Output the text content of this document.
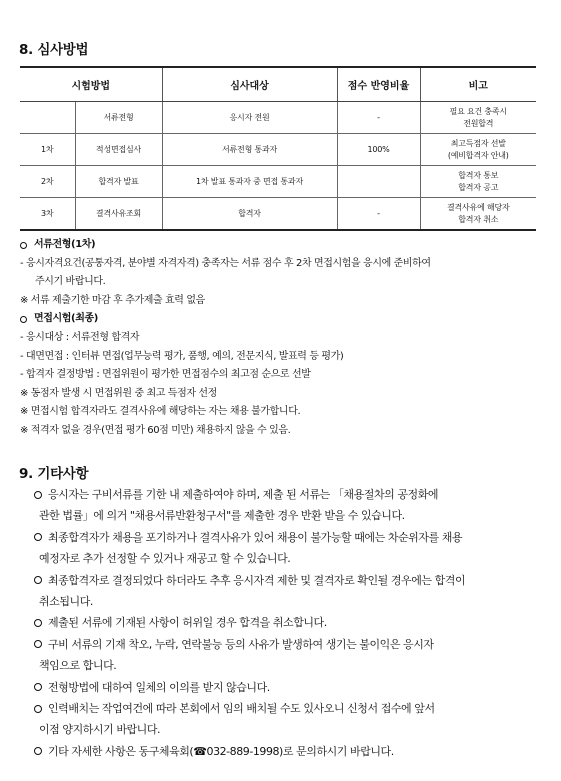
8. 심사방법
시험방법		심사대상	점수 반영비율	비고
	서류전형	응시자 전원	-	필요 요건 충족시
전원합격
1차	적성면접심사	서류전형 통과자	100%	최고득점자 선발
(예비합격자 안내)
2차	합격자 발표	1차 발표 통과자 중 면접 통과자		합격자 통보
합격자 공고
3차	결격사유조회	합격자	-	결격사유에 해당자
합격자 취소
서류전형(1차)
- 응시자격요건(공통자격, 분야별 자격자격) 충족자는 서류 점수 후 2차 면접시험을 응시에 준비하여
주시기 바랍니다.
※ 서류 제출기한 마감 후 추가제출 효력 없음
면접시험(최종)
- 응시대상 : 서류전형 합격자
- 대면면접 : 인터뷰 면접(업무능력 평가, 품행, 예의, 전문지식, 발표력 등 평가)
- 합격자 결정방법 : 면접위원이 평가한 면접점수의 최고점 순으로 선발
※ 동점자 발생 시 면접위원 중 최고 득점자 선정
※ 면접시험 합격자라도 결격사유에 해당하는 자는 채용 불가합니다.
※ 적격자 없을 경우(면접 평가 60점 미만) 채용하지 않을 수 있음.
9. 기타사항
응시자는 구비서류를 기한 내 제출하여야 하며, 제출 된 서류는 「채용절차의 공정화에
관한 법률」에 의거 "채용서류반환청구서"를 제출한 경우 반환 받을 수 있습니다.
최종합격자가 채용을 포기하거나 결격사유가 있어 채용이 불가능할 때에는 차순위자를 채용
예정자로 추가 선정할 수 있거나 재공고 할 수 있습니다.
최종합격자로 결정되었다 하더라도 추후 응시자격 제한 및 결격자로 확인될 경우에는 합격이
취소됩니다.
제출된 서류에 기재된 사항이 허위일 경우 합격을 취소합니다.
구비 서류의 기재 착오, 누락, 연락불능 등의 사유가 발생하여 생기는 불이익은 응시자
책임으로 합니다.
전형방법에 대하여 일체의 이의를 받지 않습니다.
인력배치는 작업여건에 따라 본회에서 임의 배치될 수도 있사오니 신청서 접수에 앞서
이점 양지하시기 바랍니다.
기타 자세한 사항은 동구체육회(☎032-889-1998)로 문의하시기 바랍니다.
